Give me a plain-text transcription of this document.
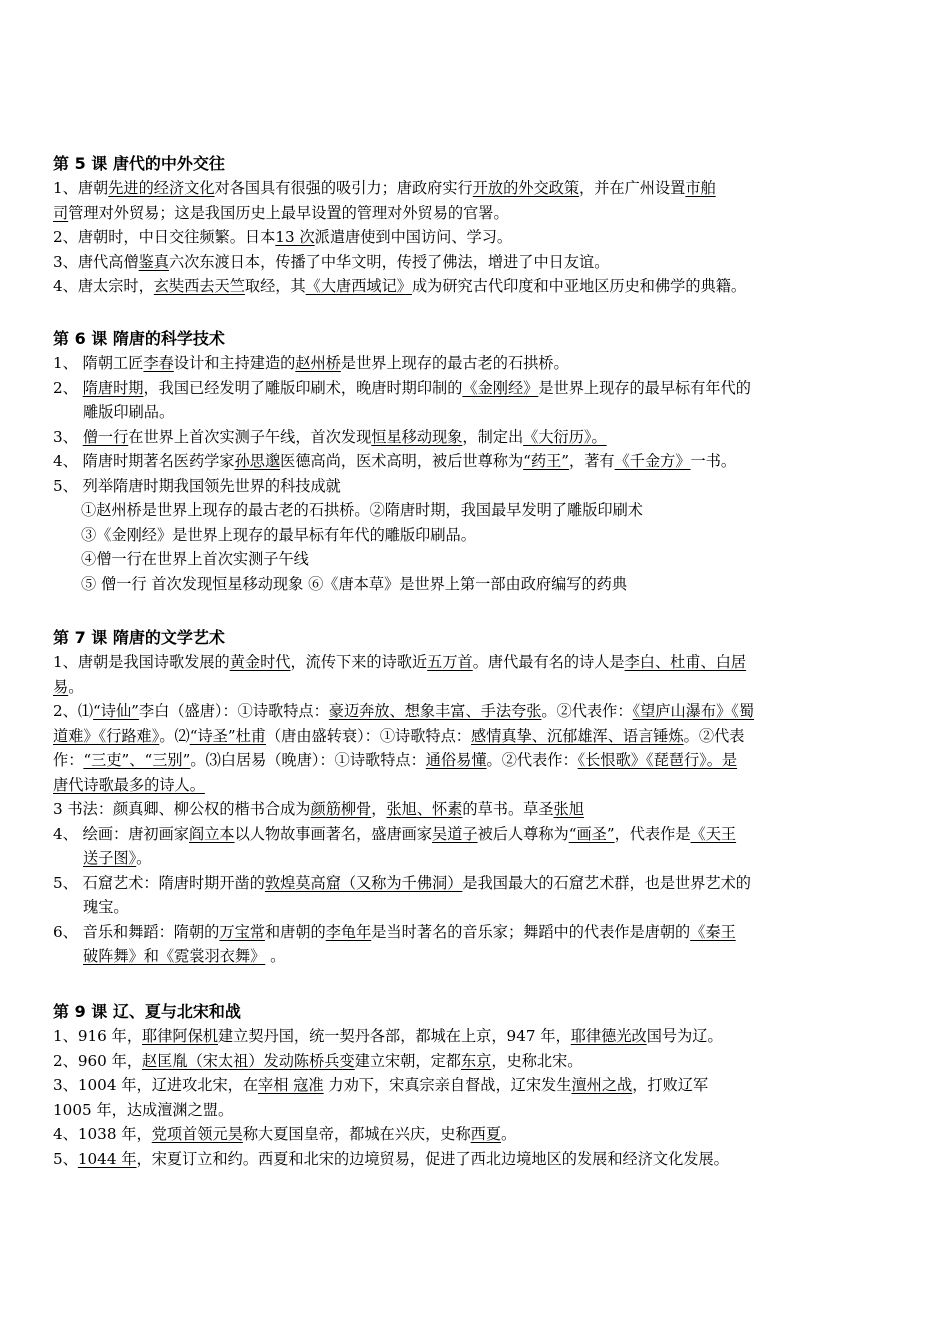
第 5 课 唐代的中外交往
1、唐朝先进的经济文化对各国具有很强的吸引力；唐政府实行开放的外交政策，并在广州设置市舶
司管理对外贸易；这是我国历史上最早设置的管理对外贸易的官署。
2、唐朝时，中日交往频繁。日本13 次派遣唐使到中国访问、学习。
3、唐代高僧鉴真六次东渡日本，传播了中华文明，传授了佛法，增进了中日友谊。
4、唐太宗时，玄奘西去天竺取经，其《大唐西域记》成为研究古代印度和中亚地区历史和佛学的典籍。
第 6 课 隋唐的科学技术
1、 隋朝工匠李春设计和主持建造的赵州桥是世界上现存的最古老的石拱桥。
2、 隋唐时期，我国已经发明了雕版印刷术，晚唐时期印制的《金刚经》是世界上现存的最早标有年代的
雕版印刷品。
3、 僧一行在世界上首次实测子午线，首次发现恒星移动现象，制定出《大衍历》。
4、 隋唐时期著名医药学家孙思邈医德高尚，医术高明，被后世尊称为“药王”，著有《千金方》一书。
5、 列举隋唐时期我国领先世界的科技成就
①赵州桥是世界上现存的最古老的石拱桥。②隋唐时期，我国最早发明了雕版印刷术
③《金刚经》是世界上现存的最早标有年代的雕版印刷品。
④僧一行在世界上首次实测子午线
⑤ 僧一行 首次发现恒星移动现象 ⑥《唐本草》是世界上第一部由政府编写的药典
第 7 课 隋唐的文学艺术
1、唐朝是我国诗歌发展的黄金时代，流传下来的诗歌近五万首。唐代最有名的诗人是李白、杜甫、白居
易。
2、⑴“诗仙”李白（盛唐）：①诗歌特点：豪迈奔放、想象丰富、手法夸张。②代表作：《望庐山瀑布》《蜀
道难》《行路难》。⑵“诗圣”杜甫（唐由盛转衰）：①诗歌特点：感情真挚、沉郁雄浑、语言锤炼。②代表
作：“三吏”、“三别”。⑶白居易（晚唐）：①诗歌特点：通俗易懂。②代表作：《长恨歌》《琵琶行》。是
唐代诗歌最多的诗人。
3 书法：颜真卿、柳公权的楷书合成为颜筋柳骨，张旭、怀素的草书。草圣张旭
4、 绘画：唐初画家阎立本以人物故事画著名，盛唐画家吴道子被后人尊称为“画圣”，代表作是《天王
送子图》。
5、 石窟艺术：隋唐时期开凿的敦煌莫高窟（又称为千佛洞）是我国最大的石窟艺术群，也是世界艺术的
瑰宝。
6、 音乐和舞蹈：隋朝的万宝常和唐朝的李龟年是当时著名的音乐家；舞蹈中的代表作是唐朝的《秦王
破阵舞》和《霓裳羽衣舞》 。
第 9 课 辽、夏与北宋和战
1、916 年，耶律阿保机建立契丹国，统一契丹各部，都城在上京，947 年，耶律德光改国号为辽。
2、960 年，赵匡胤（宋太祖）发动陈桥兵变建立宋朝，定都东京，史称北宋。
3、1004 年，辽进攻北宋，在宰相 寇准 力劝下，宋真宗亲自督战，辽宋发生澶州之战，打败辽军
1005 年，达成澶渊之盟。
4、1038 年，党项首领元昊称大夏国皇帝，都城在兴庆，史称西夏。
5、1044 年，宋夏订立和约。西夏和北宋的边境贸易，促进了西北边境地区的发展和经济文化发展。
